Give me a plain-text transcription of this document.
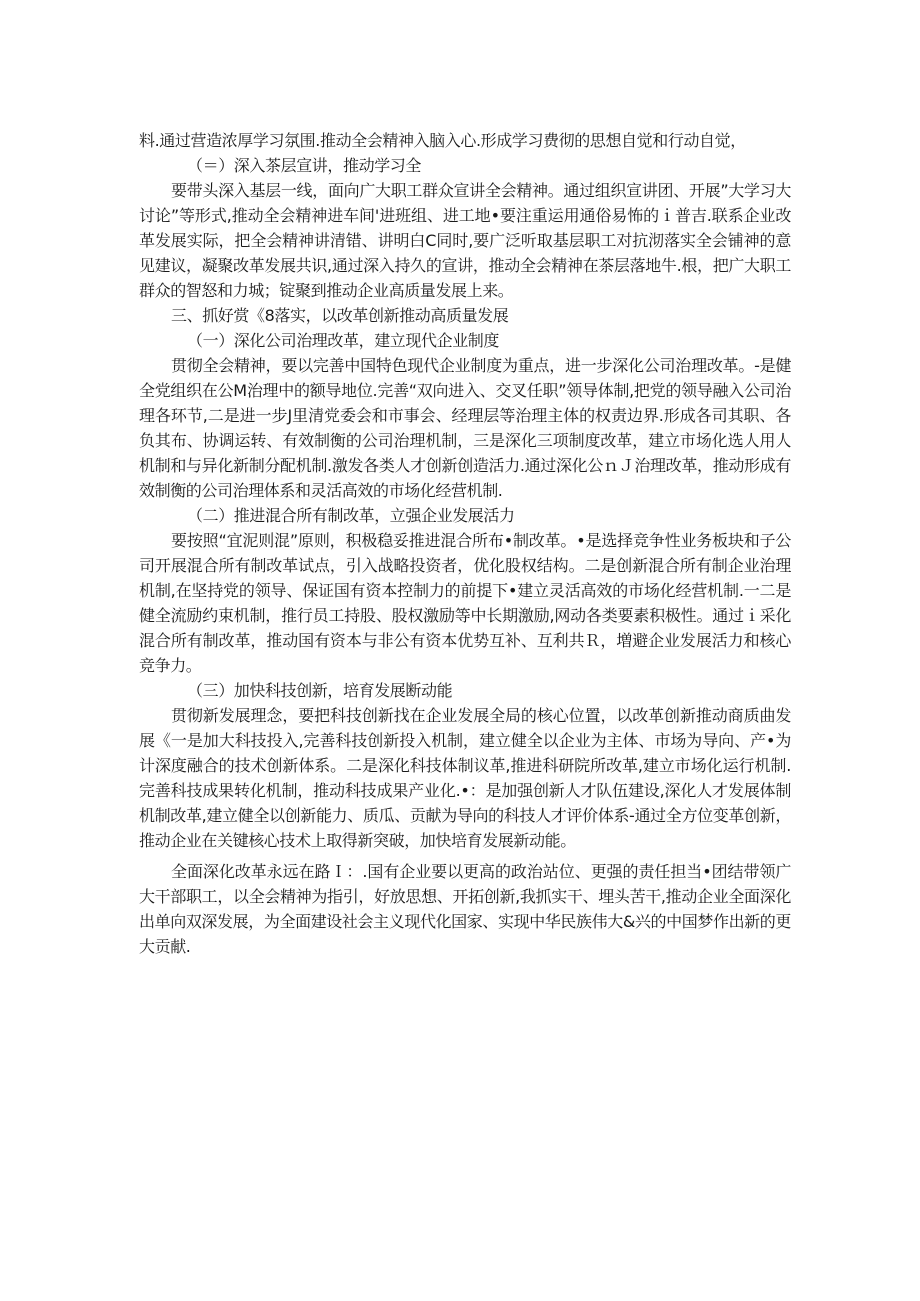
料.通过营造浓厚学习氛围.推动全会精神入脑入心.形成学习费彻的思想自觉和行动自觉，

（＝）深入茶层宣讲，推动学习全

要带头深入基层一线，面向广大职工群众宣讲全会精神。通过组织宣讲团、开展”大学习大讨论”等形式,推动全会精神进车间'进班组、进工地•要注重运用通俗易怖的ｉ普吉.联系企业改革发展实际，把全会精神讲清错、讲明白C同时,要广泛听取基层职工对抗沏落实全会铺神的意见建议，凝聚改革发展共识,通过深入持久的宣讲，推动全会精神在茶层落地牛.根，把广大职工群众的智怒和力城；锭聚到推动企业高质量发展上来。

三、抓好赏《8落实，以改革创新推动高质量发展

（一）深化公司治理改革，建立现代企业制度

贯彻全会精神，要以完善中国特色现代企业制度为重点，进一步深化公司治理改革。-是健全党组织在公M治理中的额导地位.完善“双向进入、交叉任职”领导体制,把党的领导融入公司治理各环节,二是进一步J里清党委会和市事会、经理层等治理主体的权责边界.形成各司其职、各负其布、协调运转、有效制衡的公司治理机制，三是深化三项制度改革，建立市场化选人用人机制和与异化新制分配机制.激发各类人才创新创造活力.通过深化公ｎＪ治理改革，推动形成有效制衡的公司治理体系和灵活高效的市场化经营机制.

（二）推进混合所有制改革，立强企业发展活力

要按照“宜泥则混”原则，积极稳妥推进混合所布•制改革。•是选择竞争性业务板块和子公司开展混合所有制改革试点，引入战略投资者，优化股权结构。二是创新混合所有制企业治理机制,在坚持党的领导、保证国有资本控制力的前提下•建立灵活高效的市场化经营机制.一二是健全流励约束机制，推行员工持股、股权激励等中长期激励,网动各类要素积极性。通过ｉ采化混合所有制改革，推动国有资本与非公有资本优势互补、互利共Ｒ，増避企业发展活力和核心竞争力。

（三）加快科技创新，培育发展断动能

贯彻新发展理念，要把科技创新找在企业发展全局的核心位置，以改革创新推动商质曲发展《一是加大科技投入,完善科技创新投入机制，建立健全以企业为主体、市场为导向、产•为计深度融合的技术创新体系。二是深化科技体制议革,推进科研院所改革,建立市场化运行机制.完善科技成果转化机制，推动科技成果产业化.•：是加强创新人才队伍建设,深化人才发展体制机制改革,建立健全以创新能力、质瓜、贡献为导向的科技人才评价体系-通过全方位变革创新，推动企业在关键核心技术上取得新突破，加快培育发展新动能。

全面深化改革永远在路Ｉ：.国有企业要以更高的政治站位、更强的责任担当•团结带领广大干部职工，以全会精神为指引，好放思想、开拓创新,我抓实干、埋头苦干,推动企业全面深化出单向双深发展，为全面建设社会主义现代化国家、实现中华民族伟大&兴的中国梦作出新的更大贡献.
